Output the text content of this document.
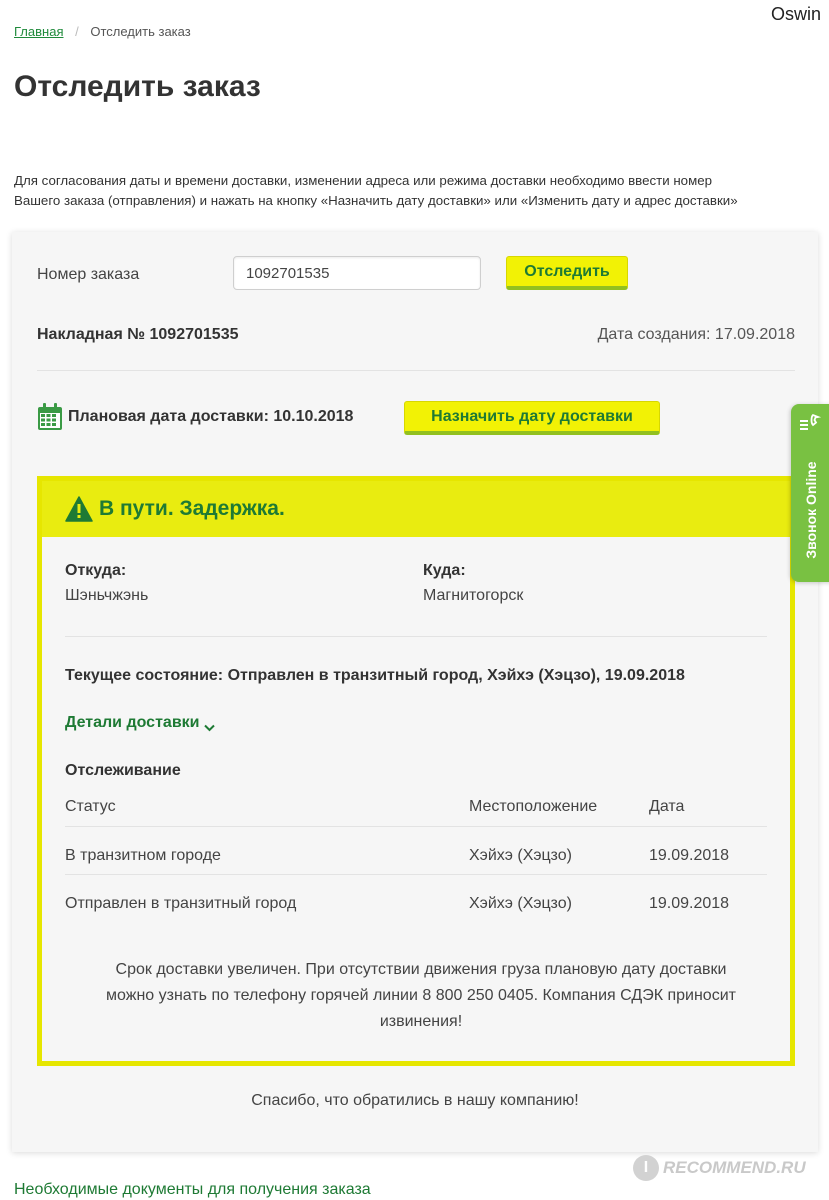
Oswin
Главная / Отследить заказ
Отследить заказ
Для согласования даты и времени доставки, изменении адреса или режима доставки необходимо ввести номер
Вашего заказа (отправления) и нажать на кнопку «Назначить дату доставки» или «Изменить дату и адрес доставки»
Номер заказа
1092701535	Отследить
Накладная № 1092701535	Дата создания: 17.09.2018
Плановая дата доставки: 10.10.2018	Назначить дату доставки
В пути. Задержка.
Откуда:
Шэньчжэнь
Куда:
Магнитогорск
Текущее состояние: Отправлен в транзитный город, Хэйхэ (Хэцзо), 19.09.2018
Детали доставки
Отслеживание
Статус	Местоположение	Дата
В транзитном городе	Хэйхэ (Хэцзо)	19.09.2018
Отправлен в транзитный город	Хэйхэ (Хэцзо)	19.09.2018
Срок доставки увеличен. При отсутствии движения груза плановую дату доставки
можно узнать по телефону горячей линии 8 800 250 0405. Компания СДЭК приносит
извинения!
Спасибо, что обратились в нашу компанию!
Необходимые документы для получения заказа
Звонок Online
I RECOMMEND.RU
